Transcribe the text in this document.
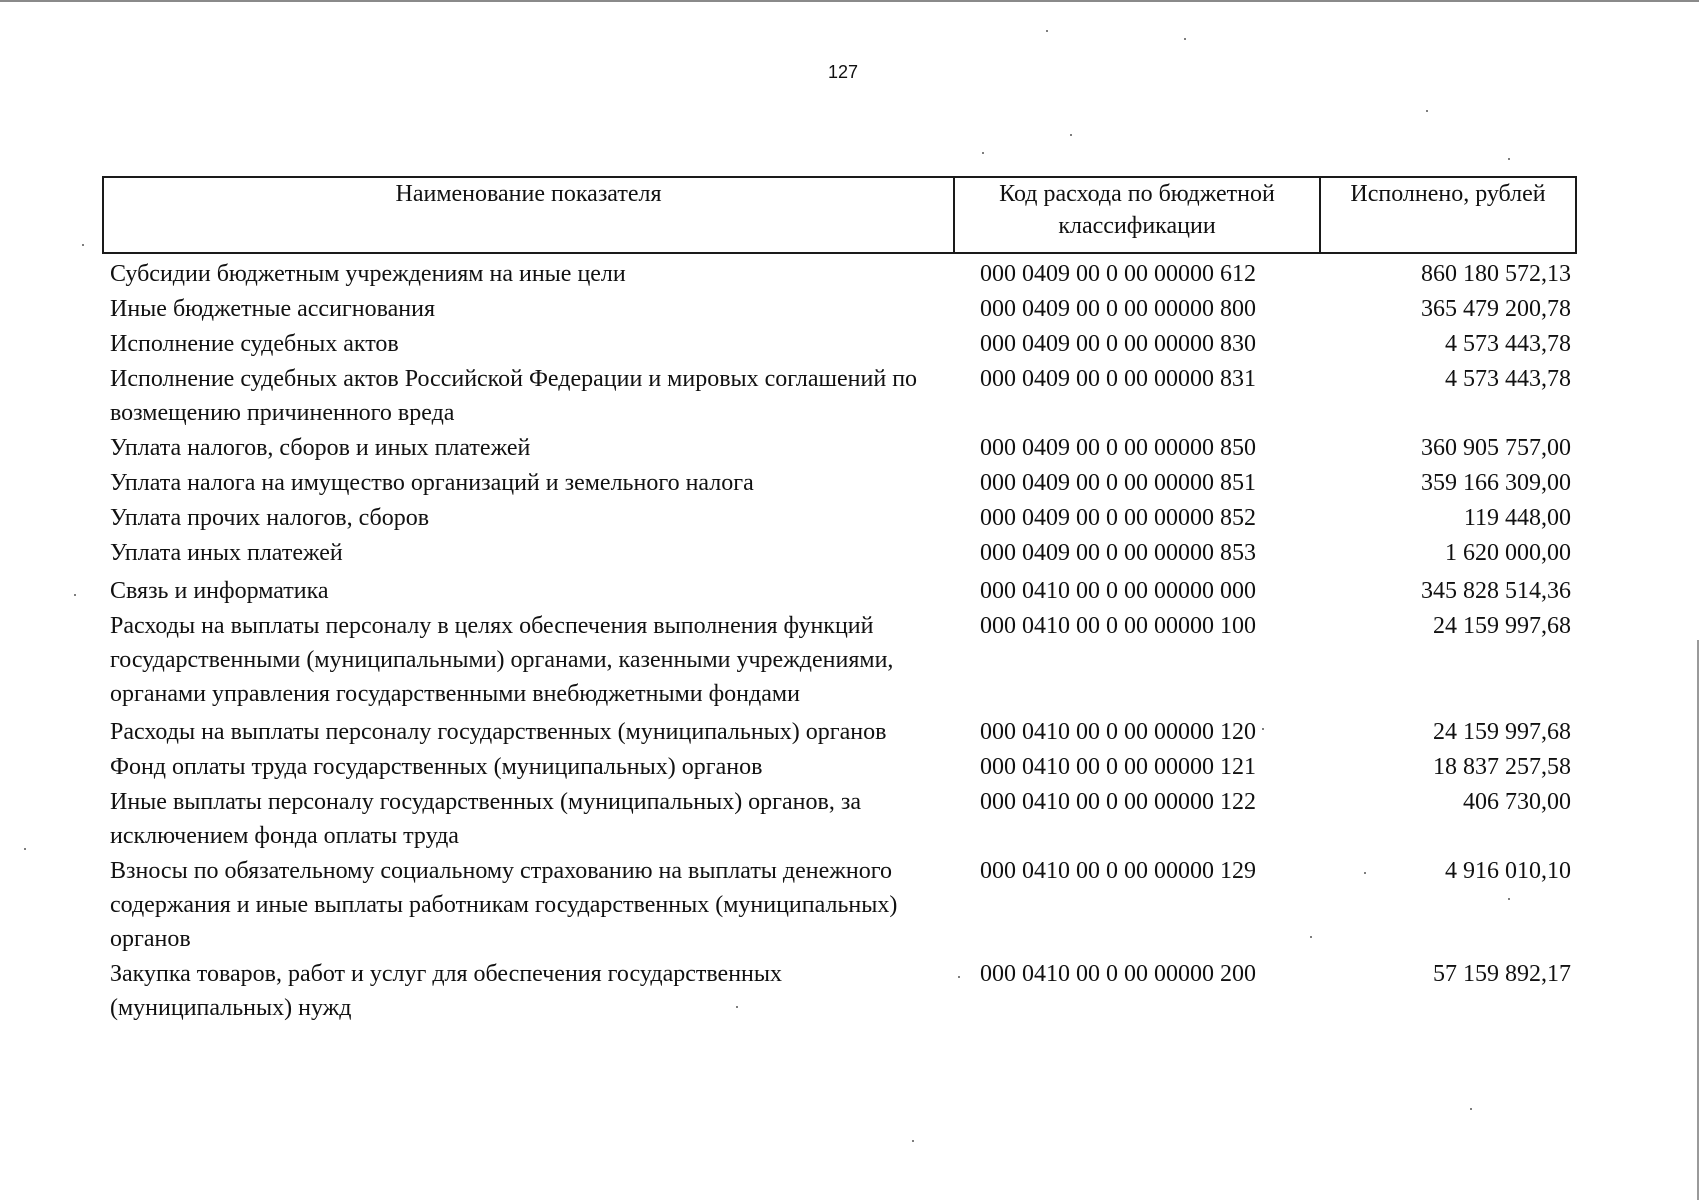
127
Наименование показателя	Код расхода по бюджетной классификации	Исполнено, рублей
Субсидии бюджетным учреждениям на иные цели	000 0409 00 0 00 00000 612	860 180 572,13
Иные бюджетные ассигнования	000 0409 00 0 00 00000 800	365 479 200,78
Исполнение судебных актов	000 0409 00 0 00 00000 830	4 573 443,78
Исполнение судебных актов Российской Федерации и мировых соглашений по возмещению причиненного вреда	000 0409 00 0 00 00000 831	4 573 443,78
Уплата налогов, сборов и иных платежей	000 0409 00 0 00 00000 850	360 905 757,00
Уплата налога на имущество организаций и земельного налога	000 0409 00 0 00 00000 851	359 166 309,00
Уплата прочих налогов, сборов	000 0409 00 0 00 00000 852	119 448,00
Уплата иных платежей	000 0409 00 0 00 00000 853	1 620 000,00
Связь и информатика	000 0410 00 0 00 00000 000	345 828 514,36
Расходы на выплаты персоналу в целях обеспечения выполнения функций государственными (муниципальными) органами, казенными учреждениями, органами управления государственными внебюджетными фондами	000 0410 00 0 00 00000 100	24 159 997,68
Расходы на выплаты персоналу государственных (муниципальных) органов	000 0410 00 0 00 00000 120	24 159 997,68
Фонд оплаты труда государственных (муниципальных) органов	000 0410 00 0 00 00000 121	18 837 257,58
Иные выплаты персоналу государственных (муниципальных) органов, за исключением фонда оплаты труда	000 0410 00 0 00 00000 122	406 730,00
Взносы по обязательному социальному страхованию на выплаты денежного содержания и иные выплаты работникам государственных (муниципальных) органов	000 0410 00 0 00 00000 129	4 916 010,10
Закупка товаров, работ и услуг для обеспечения государственных (муниципальных) нужд	000 0410 00 0 00 00000 200	57 159 892,17
